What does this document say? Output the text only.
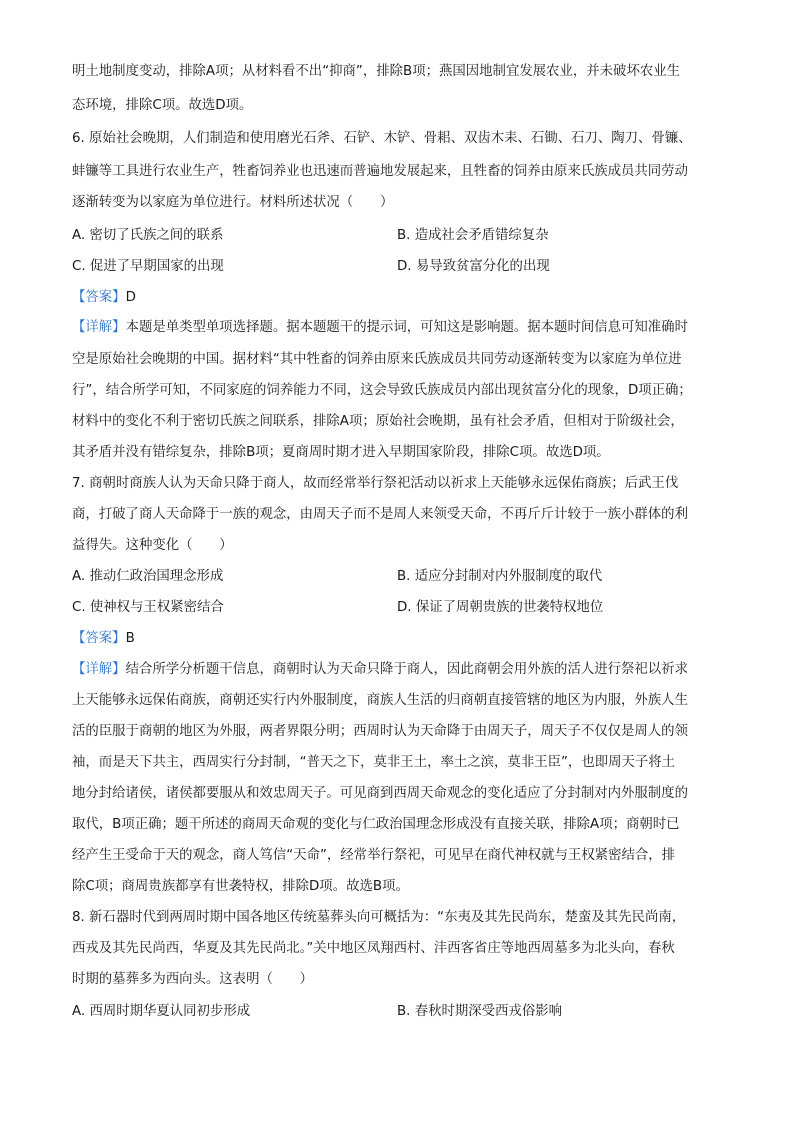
明土地制度变动，排除A项；从材料看不出“抑商”，排除B项；燕国因地制宜发展农业，并未破坏农业生
态环境，排除C项。故选D项。
6. 原始社会晚期，人们制造和使用磨光石斧、石铲、木铲、骨耜、双齿木耒、石锄、石刀、陶刀、骨镰、
蚌镰等工具进行农业生产，牲畜饲养业也迅速而普遍地发展起来，且牲畜的饲养由原来氏族成员共同劳动
逐渐转变为以家庭为单位进行。材料所述状况（　　）
A. 密切了氏族之间的联系	B. 造成社会矛盾错综复杂
C. 促进了早期国家的出现	D. 易导致贫富分化的出现
【答案】D
【详解】本题是单类型单项选择题。据本题题干的提示词，可知这是影响题。据本题时间信息可知准确时
空是原始社会晚期的中国。据材料“其中牲畜的饲养由原来氏族成员共同劳动逐渐转变为以家庭为单位进
行”，结合所学可知，不同家庭的饲养能力不同，这会导致氏族成员内部出现贫富分化的现象，D项正确；
材料中的变化不利于密切氏族之间联系，排除A项；原始社会晚期，虽有社会矛盾，但相对于阶级社会，
其矛盾并没有错综复杂，排除B项；夏商周时期才进入早期国家阶段，排除C项。故选D项。
7. 商朝时商族人认为天命只降于商人，故而经常举行祭祀活动以祈求上天能够永远保佑商族；后武王伐
商，打破了商人天命降于一族的观念，由周天子而不是周人来领受天命，不再斤斤计较于一族小群体的利
益得失。这种变化（　　）
A. 推动仁政治国理念形成	B. 适应分封制对内外服制度的取代
C. 使神权与王权紧密结合	D. 保证了周朝贵族的世袭特权地位
【答案】B
【详解】结合所学分析题干信息，商朝时认为天命只降于商人，因此商朝会用外族的活人进行祭祀以祈求
上天能够永远保佑商族，商朝还实行内外服制度，商族人生活的归商朝直接管辖的地区为内服，外族人生
活的臣服于商朝的地区为外服，两者界限分明；西周时认为天命降于由周天子，周天子不仅仅是周人的领
袖，而是天下共主，西周实行分封制，“普天之下，莫非王土，率土之滨，莫非王臣”，也即周天子将土
地分封给诸侯，诸侯都要服从和效忠周天子。可见商到西周天命观念的变化适应了分封制对内外服制度的
取代，B项正确；题干所述的商周天命观的变化与仁政治国理念形成没有直接关联，排除A项；商朝时已
经产生王受命于天的观念，商人笃信“天命”，经常举行祭祀，可见早在商代神权就与王权紧密结合，排
除C项；商周贵族都享有世袭特权，排除D项。故选B项。
8. 新石器时代到两周时期中国各地区传统墓葬头向可概括为：“东夷及其先民尚东，楚蛮及其先民尚南，
西戎及其先民尚西，华夏及其先民尚北。”关中地区凤翔西村、沣西客省庄等地西周墓多为北头向，春秋
时期的墓葬多为西向头。这表明（　　）
A. 西周时期华夏认同初步形成	B. 春秋时期深受西戎俗影响
